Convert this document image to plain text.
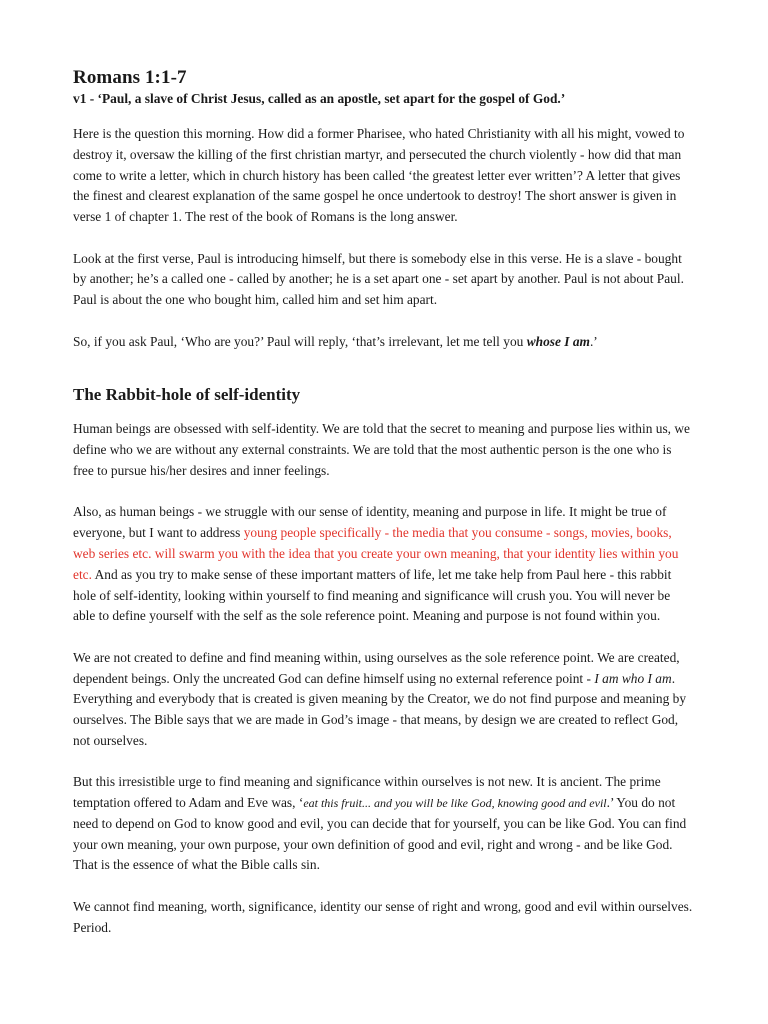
Romans 1:1-7
v1 - ‘Paul, a slave of Christ Jesus, called as an apostle, set apart for the gospel of God.’

Here is the question this morning. How did a former Pharisee, who hated Christianity with all his might, vowed to destroy it, oversaw the killing of the first christian martyr, and persecuted the church violently - how did that man come to write a letter, which in church history has been called ‘the greatest letter ever written’? A letter that gives the finest and clearest explanation of the same gospel he once undertook to destroy! The short answer is given in verse 1 of chapter 1. The rest of the book of Romans is the long answer.

Look at the first verse, Paul is introducing himself, but there is somebody else in this verse. He is a slave - bought by another; he’s a called one - called by another; he is a set apart one - set apart by another. Paul is not about Paul. Paul is about the one who bought him, called him and set him apart.

So, if you ask Paul, ‘Who are you?’ Paul will reply, ‘that’s irrelevant, let me tell you whose I am.’

The Rabbit-hole of self-identity

Human beings are obsessed with self-identity. We are told that the secret to meaning and purpose lies within us, we define who we are without any external constraints. We are told that the most authentic person is the one who is free to pursue his/her desires and inner feelings.

Also, as human beings - we struggle with our sense of identity, meaning and purpose in life. It might be true of everyone, but I want to address young people specifically - the media that you consume - songs, movies, books, web series etc. will swarm you with the idea that you create your own meaning, that your identity lies within you etc. And as you try to make sense of these important matters of life, let me take help from Paul here - this rabbit hole of self-identity, looking within yourself to find meaning and significance will crush you. You will never be able to define yourself with the self as the sole reference point. Meaning and purpose is not found within you.

We are not created to define and find meaning within, using ourselves as the sole reference point. We are created, dependent beings. Only the uncreated God can define himself using no external reference point - I am who I am. Everything and everybody that is created is given meaning by the Creator, we do not find purpose and meaning by ourselves. The Bible says that we are made in God’s image - that means, by design we are created to reflect God, not ourselves.

But this irresistible urge to find meaning and significance within ourselves is not new. It is ancient. The prime temptation offered to Adam and Eve was, ‘eat this fruit... and you will be like God, knowing good and evil.’ You do not need to depend on God to know good and evil, you can decide that for yourself, you can be like God. You can find your own meaning, your own purpose, your own definition of good and evil, right and wrong - and be like God. That is the essence of what the Bible calls sin.

We cannot find meaning, worth, significance, identity our sense of right and wrong, good and evil within ourselves. Period.
